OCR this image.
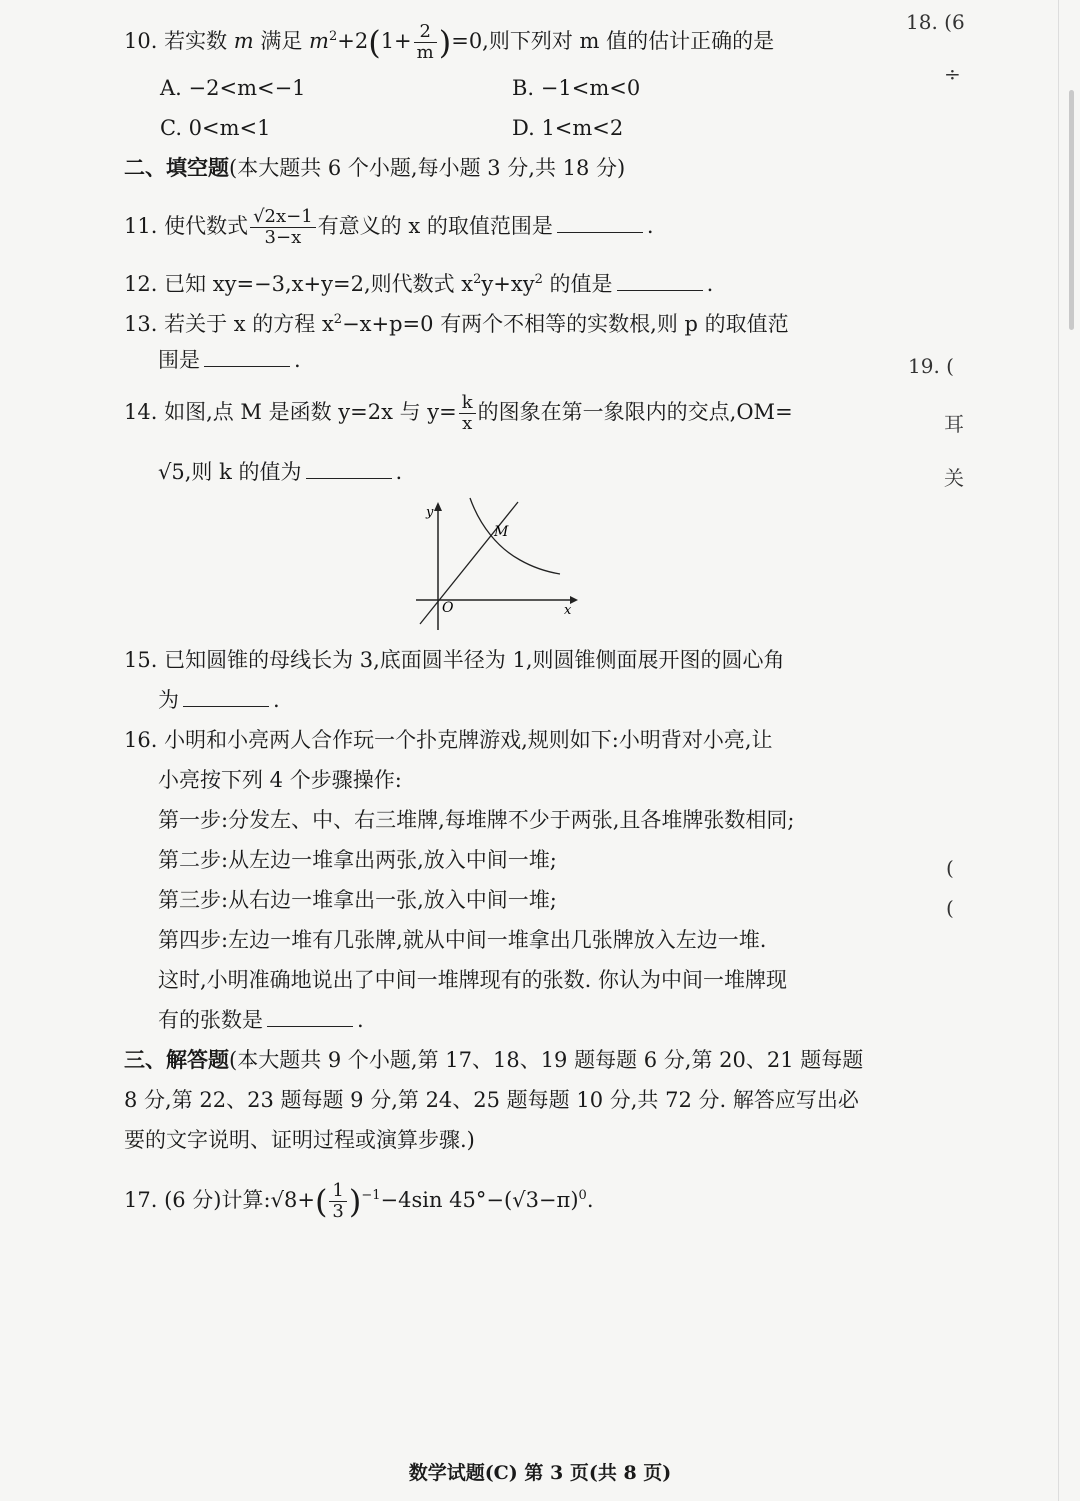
10. 若实数 m 满足 $m^2+2(1+ \frac{2}{m} )=0$,则下列对 m 值的估计正确的是
A. −2<m<−1	B. −1<m<0
C. 0<m<1	D. 1<m<2
二、填空题(本大题共 6 个小题,每小题 3 分,共 18 分)
11. 使代数式 $\frac{√2x-1}{3-x}$ 有意义的 x 的取值范围是	.
12. 已知 xy=−3,x+y=2,则代数式 $x^2y+xy^2$ 的值是	.
13. 若关于 x 的方程 $x^2-x+p=0$ 有两个不相等的实数根,则 p 的取值范
围是	.
14. 如图,点 M 是函数 y=2x 与 $y= \frac{k}{x}$ 的图象在第一象限内的交点,OM=
√5,则 k 的值为	.
y
x
O
M
15. 已知圆锥的母线长为 3,底面圆半径为 1,则圆锥侧面展开图的圆心角
为	.
16. 小明和小亮两人合作玩一个扑克牌游戏,规则如下:小明背对小亮,让
小亮按下列 4 个步骤操作:
第一步:分发左、中、右三堆牌,每堆牌不少于两张,且各堆牌张数相同;
第二步:从左边一堆拿出两张,放入中间一堆;
第三步:从右边一堆拿出一张,放入中间一堆;
第四步:左边一堆有几张牌,就从中间一堆拿出几张牌放入左边一堆.
这时,小明准确地说出了中间一堆牌现有的张数. 你认为中间一堆牌现
有的张数是	.
三、解答题(本大题共 9 个小题,第 17、18、19 题每题 6 分,第 20、21 题每题
8 分,第 22、23 题每题 9 分,第 24、25 题每题 10 分,共 72 分. 解答应写出必
要的文字说明、证明过程或演算步骤.)
17. (6 分)计算:√8+( $\frac{1}{3} )^{-1}-4\sin$ $45^\circ-(√3-\pi)^0$.
18. (6
÷
19. (
耳
关
(
(
数学试题(C) 第 3 页(共 8 页)
